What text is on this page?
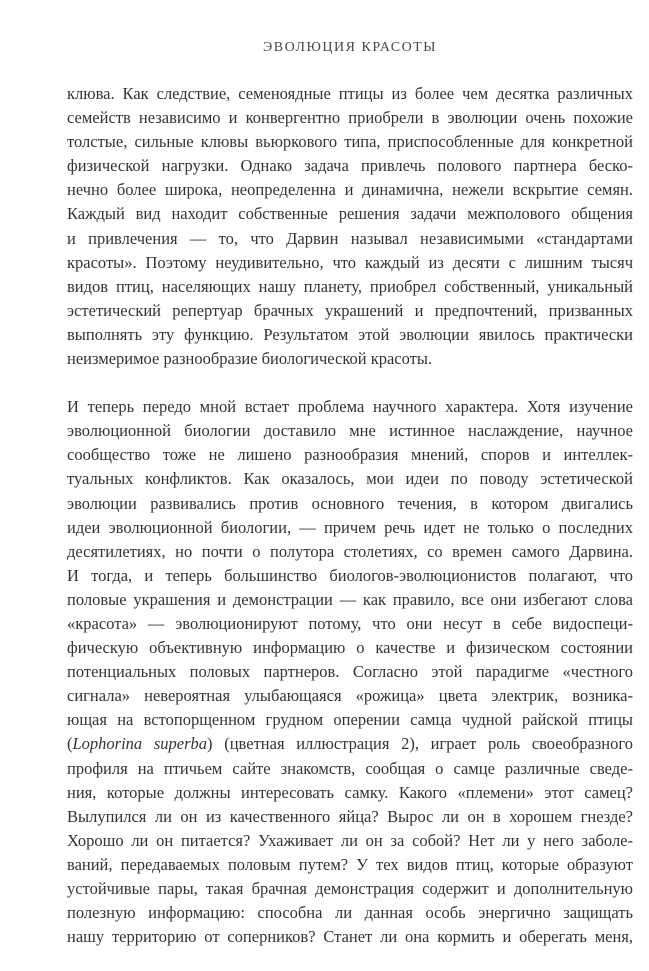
ЭВОЛЮЦИЯ КРАСОТЫ
клюва. Как следствие, семеноядные птицы из более чем десятка различных
семейств независимо и конвергентно приобрели в эволюции очень похожие
толстые, сильные клювы вьюркового типа, приспособленные для конкретной
физической нагрузки. Однако задача привлечь полового партнера беско-
нечно более широка, неопределенна и динамична, нежели вскрытие семян.
Каждый вид находит собственные решения задачи межполового общения
и привлечения — то, что Дарвин называл независимыми «стандартами
красоты». Поэтому неудивительно, что каждый из десяти с лишним тысяч
видов птиц, населяющих нашу планету, приобрел собственный, уникальный
эстетический репертуар брачных украшений и предпочтений, призванных
выполнять эту функцию. Результатом этой эволюции явилось практически
неизмеримое разнообразие биологической красоты.
И теперь передо мной встает проблема научного характера. Хотя изучение
эволюционной биологии доставило мне истинное наслаждение, научное
сообщество тоже не лишено разнообразия мнений, споров и интеллек-
туальных конфликтов. Как оказалось, мои идеи по поводу эстетической
эволюции развивались против основного течения, в котором двигались
идеи эволюционной биологии, — причем речь идет не только о последних
десятилетиях, но почти о полутора столетиях, со времен самого Дарвина.
И тогда, и теперь большинство биологов-эволюционистов полагают, что
половые украшения и демонстрации — как правило, все они избегают слова
«красота» — эволюционируют потому, что они несут в себе видоспеци-
фическую объективную информацию о качестве и физическом состоянии
потенциальных половых партнеров. Согласно этой парадигме «честного
сигнала» невероятная улыбающаяся «рожица» цвета электрик, возника-
ющая на встопорщенном грудном оперении самца чудной райской птицы
(Lophorina superba) (цветная иллюстрация 2), играет роль своеобразного
профиля на птичьем сайте знакомств, сообщая о самце различные сведе-
ния, которые должны интересовать самку. Какого «племени» этот самец?
Вылупился ли он из качественного яйца? Вырос ли он в хорошем гнезде?
Хорошо ли он питается? Ухаживает ли он за собой? Нет ли у него заболе-
ваний, передаваемых половым путем? У тех видов птиц, которые образуют
устойчивые пары, такая брачная демонстрация содержит и дополнительную
полезную информацию: способна ли данная особь энергично защищать
нашу территорию от соперников? Станет ли она кормить и оберегать меня,
